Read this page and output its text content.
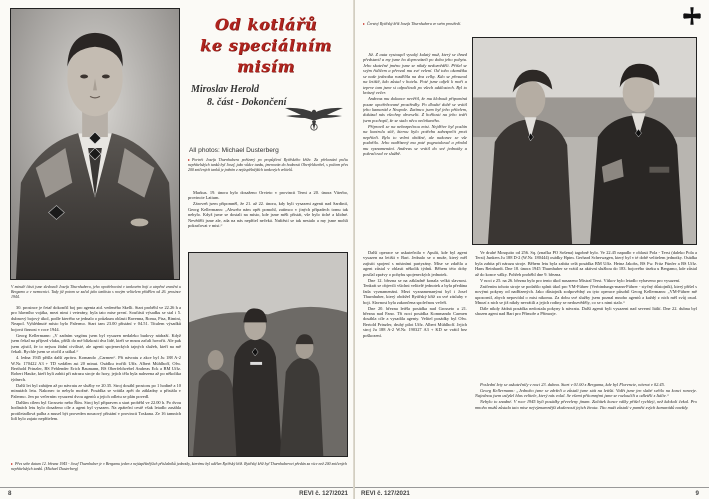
Od kotlářů
ke speciálním
misím
Miroslav Herold
8. část - Dokončení
All photos: Michael Dusterberg
Portrét Josefa Thurnhubera pořízený po propůjčení Rytířského kříže. Za překonání počtu nepřátelských tanků byl Josef, jako vůdce tanku, jmenován do hodnosti Oberfeldwebel, s počtem přes 200 zničených tanků je jedním z nejúspěšnějších tankových velitelů.

Markus. 19. února bylo dosaženo Orvieto v provincii Terni a 20. února Viterbo, provincie Latium.

Zároveň jsem připomněl, že 21. až 22. února, kdy byli vysazeni agenti nad Sardinií, Georg Kellermann: „Abwehr nám opět pomohl, zatímco v jiných případech tomu tak nebylo. Když jsme se dostali na místo, kde jsme měli přistát, vše bylo tiché a klidné. Nevěděli jsme ale, zda na nás nepřítel nečeká. Naštěstí se tak nestalo a my jsme mohli pokračovat v misi.“

V minulé části jsme sledovali Josefa Thurnhubera, jeho opotřebování v tankovém boji a utrpěné zranění u Bergamo a v nemocnici. Tady již potom se začal jako tankista s novým velitelem přidělen od 26. prosince 1944.

30. prosince je četař dokončil boj pro agenta atd. vedeného Skelli. Start proběhl ve 22.26 h a pro hlavního vojáka, mezi nimi i veterány, byla tato mise první. Součástí výsadku se stal i 5. dubnový bojový úkol, podle kterého se jednalo o průzkum oblasti Ravenna, Roma, Pisa, Rimini, Neapol. Vyhlédnuté místo bylo Palermo. Start tam 23.00 přistání v 04.51. Titulem výsadků bojová činnost v roce 1944.

Georg Kellermann: „V zadním vagónu jsem byl vysazen nedaleko budovy nádraží. Když jsem čekal na příjezd vlaku, přišli do mé blízkosti dva lidé, kteří se mnou začali hovořit. Ale pak jsem zjistil, že to nejsou žádní civilisté, ale agenti spojeneckých tajných služeb, kteří na mě čekali. Rychle jsem se otočil a utíkal.“

4. ledna 1945 přišla další zpráva. Komando „Carmen“. Při návratu z akce byl Ju 188 A-2 W.Nr. 170422 A3 + TD vzdálen asi 20 minut. Osádku tvořili Uffz. Albert Mühlhoff, Ofw. Berthold Prinzler, BS Fehlender Erich Baumann, BS Oberfeldwebel Andreas Eck a BM Uffz. Robert Hauke, kteří byli zabiti při nárazu stroje do hory, jejich těla byla nalezena až po několika týdnech.

Další let byl zahájen až po návratu ze služby ve 20.35. Stroj dosáhl prostoru po 1 hodině a 10 minutách letu. Nakonec to nebylo možné. Posádka se vrátila zpět do základny a přistála v Palermo. Jen po večerním vysazení dvou agentů a jejich odletu se plán povedl.

Dalším cílem byl Grosseto nebo Řím. Stroj byl připraven a start proběhl ve 22.00 h. Po dvou hodinách letu bylo dosaženo cíle a agent byl vysazen. Na zpáteční cestě však letadlo zasáhla protiletadlová palba a musel být proveden nouzový přistání v provincii Toskana. Ze 16 tamních lidí bylo zajato nepřítelem.

Přes sebe datum 12. března 1945 - Josef Thurnhuber je v Bergamu jeden z nejúspěšnějších příslušníků jednotky, kterému byl udělen Rytířský kříž. Rytířský kříž byl Thurnhuberovi předán za více než 200 zničených nepřátelských tanků. (Michael Dusterberg)
8	REVI č. 127/2021
Čerstvý Rytířský kříž Josefa Thurnhubera ve svém prostředí.

Již. Z auta vystoupil vysoký kulatý muž, který se ihned představil a my jsme ho doprovázeli po dobu jeho pobytu. Jeho skutečné jméno jsme se nikdy nedozvěděli. Přišel se svým řidičem a převzal mu své velení. Od toho okamžiku se naše jednotka rozdělila na dva celky. Kdo se přesunul na letiště, kdo zůstal v hotelu. Poté jsme odjeli k moři a teprve tam jsme si odpočinuli po všech událostech. Byl to krásný večer.

Andreas mu dokonce nevěřil, že mu klobouk připomíná pouze opotřebované prostředky. Po dlouhé době se vrátil jeho kamarád z Neapole. Zatímco jsem byl jeho přítelem, dokázal nás všechny obveselit. Z hořkosti na jeho tváři jsem pochopil, že se stalo něco nečekaného.

Připravil se na nebezpečnou misi. Nejdříve byl poslán na kontrolu sítě, kterou bylo potřeba zabezpečit proti nepříteli. Bylo to velmi obtížné, ale nakonec se vše podařilo. Jeho nadřízený mu poté pogratuloval a předal mu vyznamenání. Andreas se vrátil do své jednotky a pokračoval ve službě.

Další operace se uskutečnila v Apulii, kde byl agent vysazen na letišti v Bari. Jednalo se o muže, který měl zajistit spojení s místními partyzány. Mise se zdařila a agent zůstal v oblasti několik týdnů. Během této doby posílal zprávy o pohybu spojeneckých jednotek.

Dne 12. března se na základně konala velká slavnost. Tenkrát se objevili všichni velitelé jednotek a byla předána řada vyznamenání. Mezi vyznamenanými byl i Josef Thurnhuber, který obdržel Rytířský kříž za své zásluhy v boji. Slavnost byla zakončena společnou večeří.

Dne 20. března letěla posádka nad Grosseto a 21. března nad Fano. Tři noci posádka Kommando Carmen dosáhla cíle a vysadila agenty. Velitel posádky byl Ofw. Bertold Prinzler, druhý pilot Uffz. Albert Mühlhoff. Jejich stroj Ju 188 A-2 W.Nr. 190327 A3 + KD se vrátil bez poškození.

Ve druhé Mosquito od 256. Sq. (značka PO Sošena) tagobně bylo. Ve 22.45 napadlo v oblasti Pola - Terst (daleko Pola a Terst) Junkers Ju 188 D-2 (W.Nr. 180444) osádky Hptm. Gerhard Scherwagen, který byl v té době velitelem jednotky. Osádka byla zabita při nárazu stroje. Během letu byla zabita celá posádka BM Uffz. Heinz Jakobs, BS Fw. Fritz Fünfer a BS Uffz. Hans Reinhardt. Dne 18. února 1945 Thurnhuber se vrátil za aktivní službou do 183. bojového úseku u Bergamo, kde zůstal až do konce války. Pohřeb proběhl dne 9. března.

V noci z 25. na 26. března bylo pro tento úkol nasazeno Mistral Terst. Vítkov bylo letadlo vybaveno pro vysazení.

Zničením tohoto stroje se podařilo splnit úkol pro VM-Führer (Verbindungs-mann-Führer - styčný důstojník), který přišel s novými pokyny od nadřízených. Jako důstojník zodpovědný za tyto operace působil Georg Kellermann: „VM-Führer mě upozornil, abych nepovídal o misi nikomu. Za dobu své služby jsem poznal mnoho agentů a každý z nich měl svůj osud. Mnozí z nich se již nikdy nevrátili a jejich rodiny se nedozvěděly, co se s nimi stalo.“

Dále nikdy žádná posádka nedostala pokyny k návratu. Další agenti byli vysazeni nad severní Itálií. Dne 22. dubna byl shozen agent nad Bari pro Přímoře a Přímorje.

Poslední lety se uskutečnily v noci 23. dubna. Start v 01.00 z Bergama, kde byl Florencie, návrat v 02.45.

Georg Kellermann: „Jednoho jsme se zdrželi a zůstali jsme stát na letišti. Vidět jsme jen slabé světlo na konci ranveje. Najednou jsem uslyšel hlas velitele, který nás volal. Se všemi přítomnými jsme se rozloučili a odletěli z Itálie.“

Nebylo to snadné. V roce 1945 byli posádky převeleny jinam. Začátek konce války přišel rychleji, než kdokoli čekal. Pro mnoho mužů zůstala tato mise nejvýznamnější zkušeností jejich života. Tito muži zůstali v paměti svých kamarádů navždy.

REVI č. 127/2021	9
